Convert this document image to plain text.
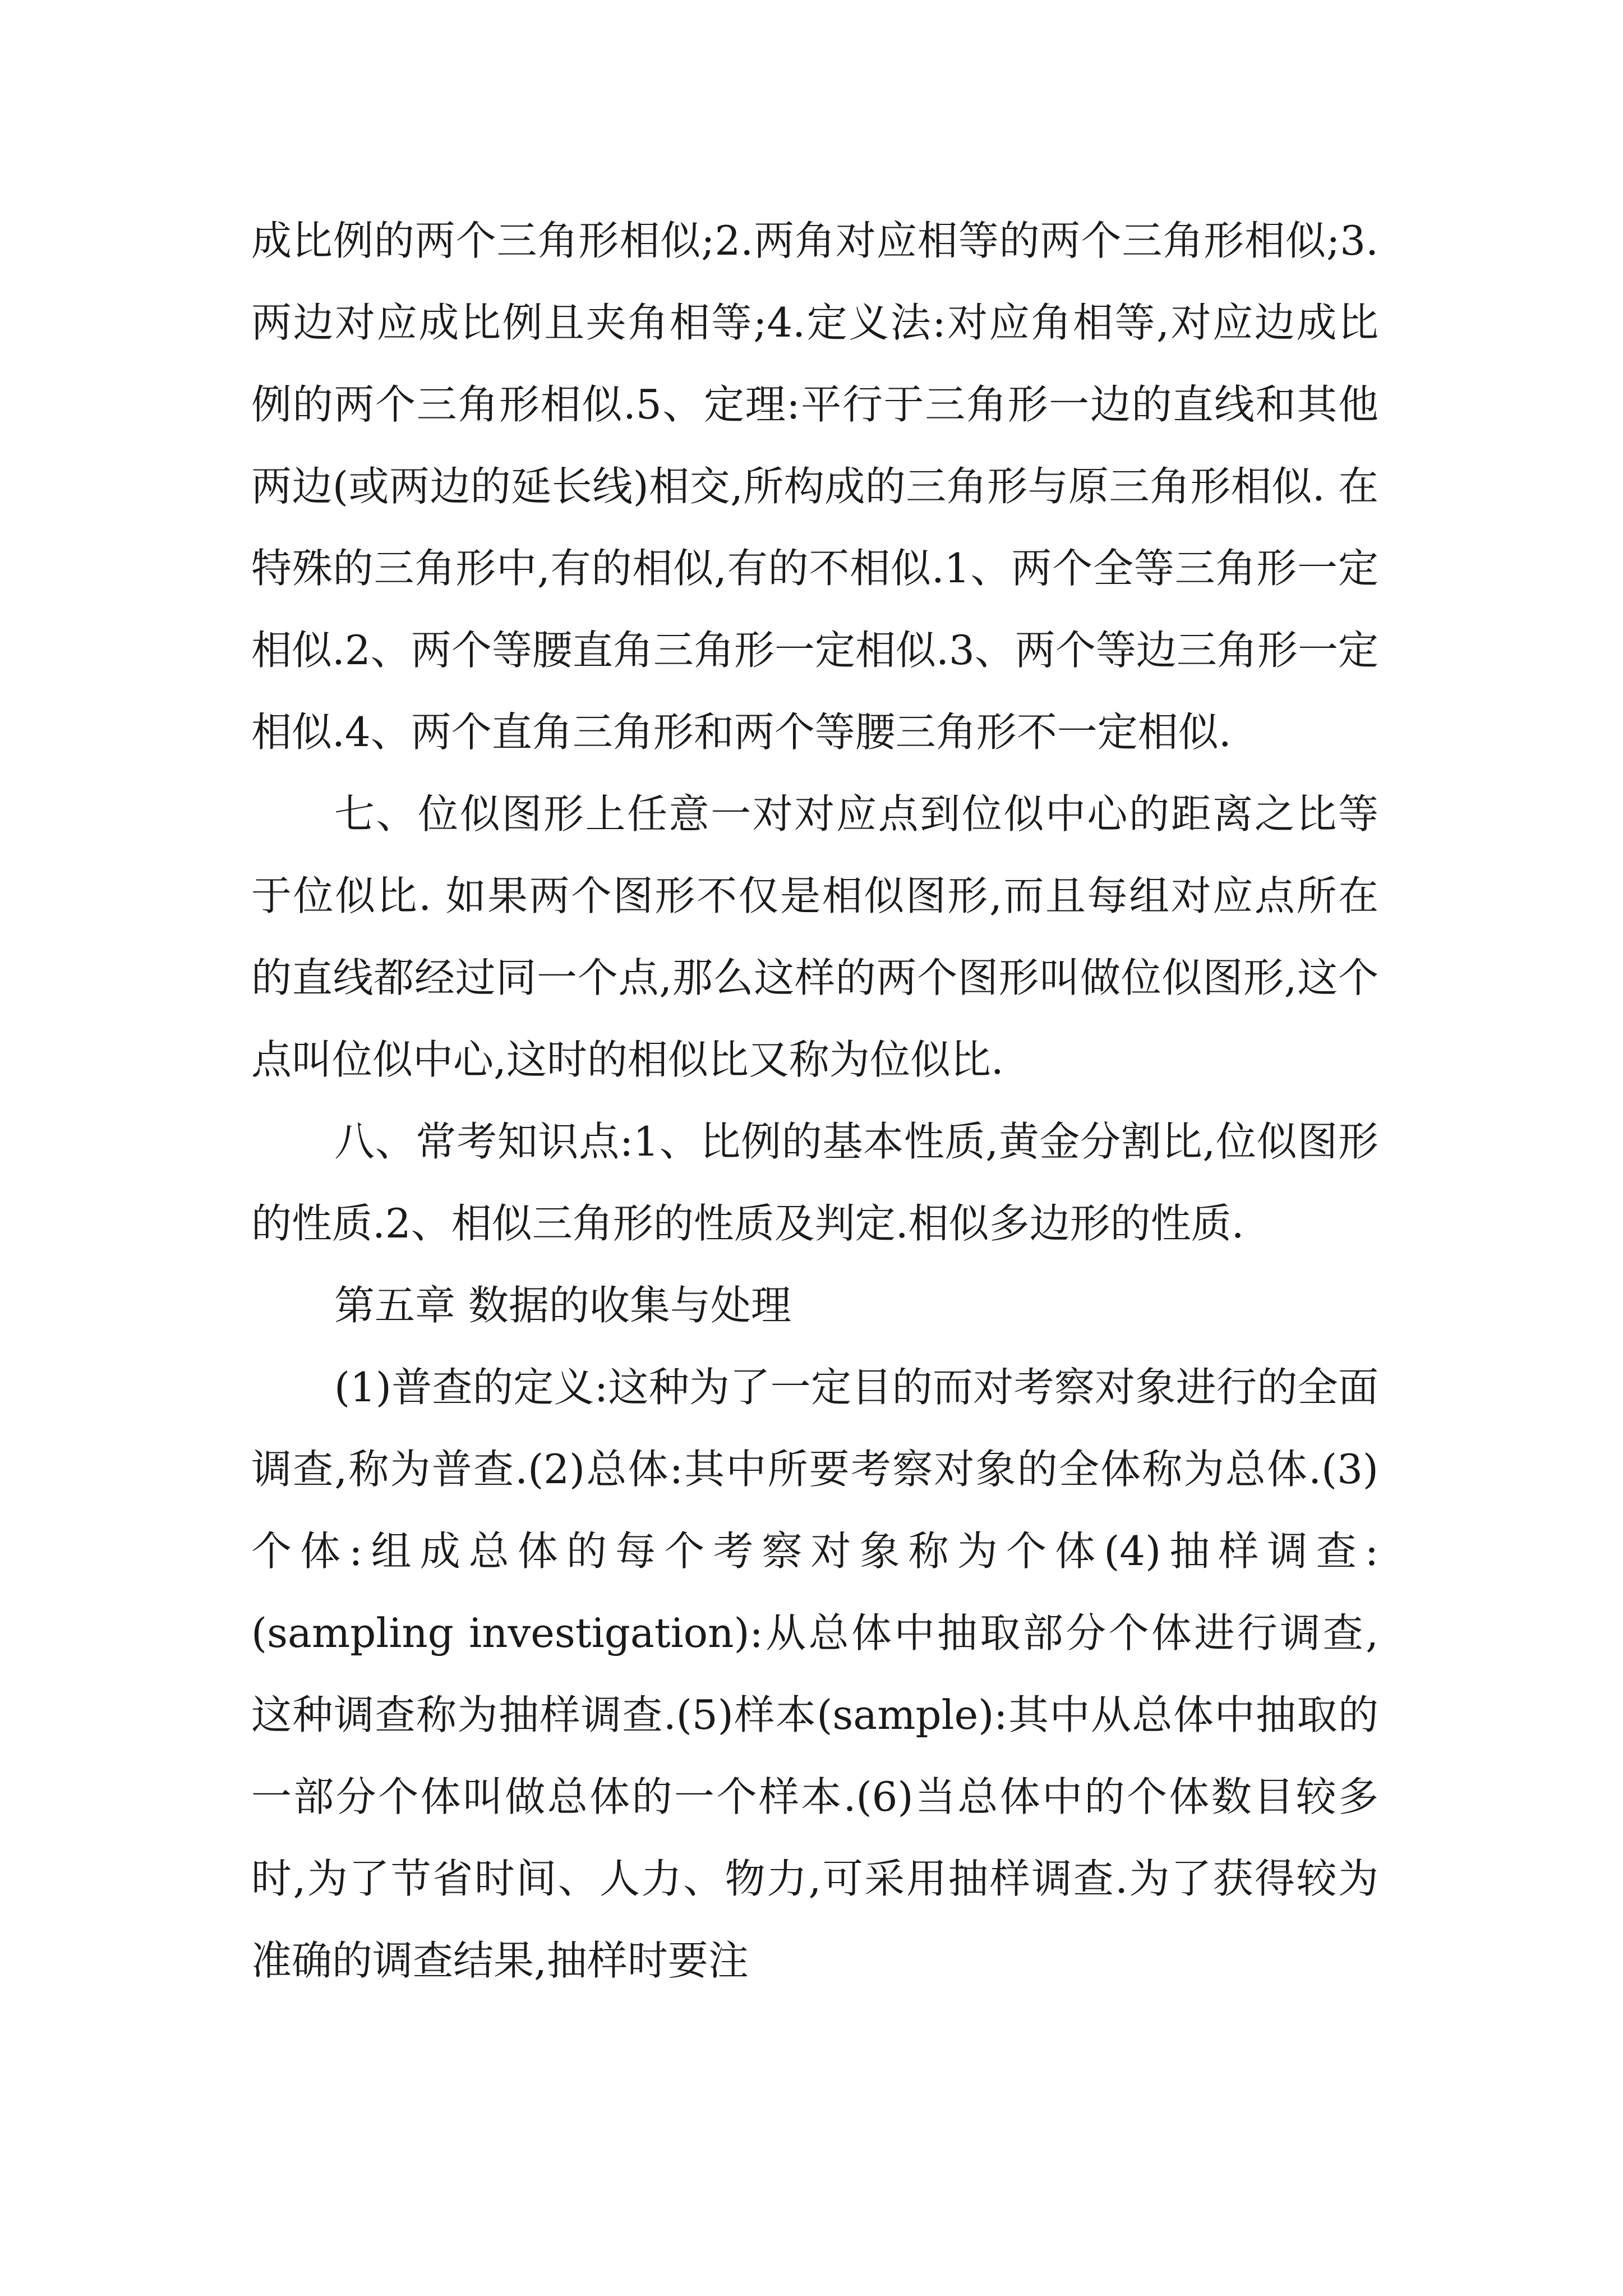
成比例的两个三角形相似;2.两角对应相等的两个三角形相似;3.两边对应成比例且夹角相等;4.定义法:对应角相等,对应边成比例的两个三角形相似.5、定理:平行于三角形一边的直线和其他两边(或两边的延长线)相交,所构成的三角形与原三角形相似. 在特殊的三角形中,有的相似,有的不相似.1、两个全等三角形一定相似.2、两个等腰直角三角形一定相似.3、两个等边三角形一定相似.4、两个直角三角形和两个等腰三角形不一定相似.

七、位似图形上任意一对对应点到位似中心的距离之比等于位似比. 如果两个图形不仅是相似图形,而且每组对应点所在的直线都经过同一个点,那么这样的两个图形叫做位似图形,这个点叫位似中心,这时的相似比又称为位似比.

八、常考知识点:1、比例的基本性质,黄金分割比,位似图形的性质.2、相似三角形的性质及判定.相似多边形的性质.

第五章 数据的收集与处理

(1)普查的定义:这种为了一定目的而对考察对象进行的全面调查,称为普查.(2)总体:其中所要考察对象的全体称为总体.(3)个体:组成总体的每个考察对象称为个体(4)抽样调查:(sampling investigation):从总体中抽取部分个体进行调查,这种调查称为抽样调查.(5)样本(sample):其中从总体中抽取的一部分个体叫做总体的一个样本.(6)当总体中的个体数目较多时,为了节省时间、人力、物力,可采用抽样调查.为了获得较为准确的调查结果,抽样时要注
